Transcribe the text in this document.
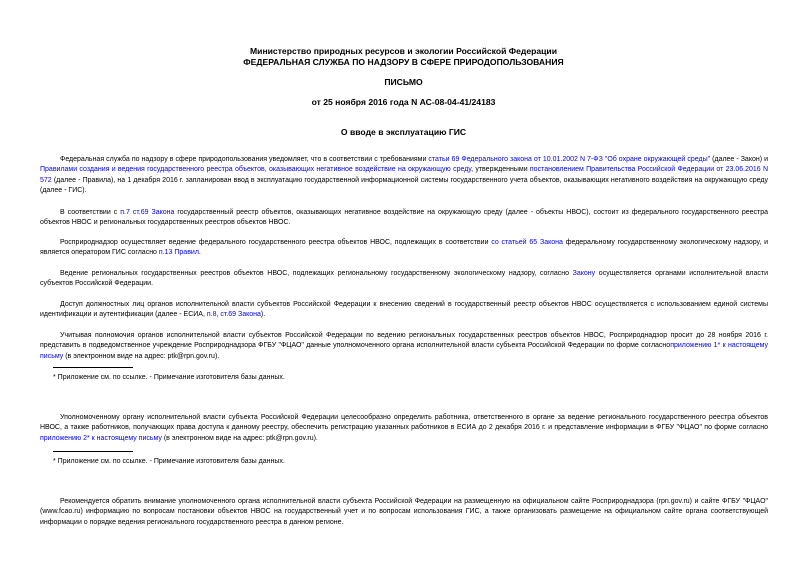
Министерство природных ресурсов и экологии Российской Федерации
ФЕДЕРАЛЬНАЯ СЛУЖБА ПО НАДЗОРУ В СФЕРЕ ПРИРОДОПОЛЬЗОВАНИЯ
ПИСЬМО
от 25 ноября 2016 года N АС-08-04-41/24183
О вводе в эксплуатацию ГИС
Федеральная служба по надзору в сфере природопользования уведомляет, что в соответствии с требованиями статьи 69 Федерального закона от 10.01.2002 N 7-ФЗ "Об охране окружающей среды" (далее - Закон) и Правилами создания и ведения государственного реестра объектов, оказывающих негативное воздействие на окружающую среду, утвержденными постановлением Правительства Российской Федерации от 23.06.2016 N 572 (далее - Правила), на 1 декабря 2016 г. запланирован ввод в эксплуатацию государственной информационной системы государственного учета объектов, оказывающих негативного воздействия на окружающую среду (далее - ГИС).
В соответствии с п.7 ст.69 Закона государственный реестр объектов, оказывающих негативное воздействие на окружающую среду (далее - объекты НВОС), состоит из федерального государственного реестра объектов НВОС и региональных государственных реестров объектов НВОС.
Росприроднадзор осуществляет ведение федерального государственного реестра объектов НВОС, подлежащих в соответствии со статьей 65 Закона федеральному государственному экологическому надзору, и является оператором ГИС согласно п.13 Правил.
Ведение региональных государственных реестров объектов НВОС, подлежащих региональному государственному экологическому надзору, согласно Закону осуществляется органами исполнительной власти субъектов Российской Федерации.
Доступ должностных лиц органов исполнительной власти субъектов Российской Федерации к внесению сведений в государственный реестр объектов НВОС осуществляется с использованием единой системы идентификации и аутентификации (далее - ЕСИА, п.8, ст.69 Закона).
Учитывая полномочия органов исполнительной власти субъектов Российской Федерации по ведению региональных государственных реестров объектов НВОС, Росприроднадзор просит до 28 ноября 2016 г. представить в подведомственное учреждение Росприроднадзора ФГБУ "ФЦАО" данные уполномоченного органа исполнительной власти субъекта Российской Федерации по форме согласноприложению 1* к настоящему письму (в электронном виде на адрес: ptk@rpn.gov.ru).
* Приложение см. по ссылке. - Примечание изготовителя базы данных.
Уполномоченному органу исполнительной власти субъекта Российской Федерации целесообразно определить работника, ответственного в органе за ведение регионального государственного реестра объектов НВОС, а также работников, получающих права доступа к данному реестру, обеспечить регистрацию указанных работников в ЕСИА до 2 декабря 2016 г. и представление информации в ФГБУ "ФЦАО" по форме согласно приложению 2* к настоящему письму (в электронном виде на адрес: ptk@rpn.gov.ru).
* Приложение см. по ссылке. - Примечание изготовителя базы данных.
Рекомендуется обратить внимание уполномоченного органа исполнительной власти субъекта Российской Федерации на размещенную на официальном сайте Росприроднадзора (rpn.gov.ru) и сайте ФГБУ "ФЦАО" (www.fcao.ru) информацию по вопросам постановки объектов НВОС на государственный учет и по вопросам использования ГИС, а также организовать размещение на официальном сайте органа соответствующей информации о порядке ведения регионального государственного реестра в данном регионе.
